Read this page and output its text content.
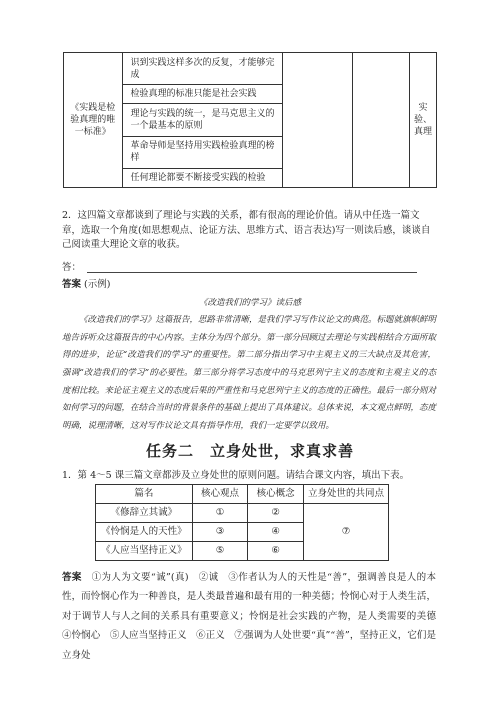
《实践是检验真理的唯一标准》	识到实践这样多次的反复，才能够完成			实验、真理
检验真理的标准只能是社会实践
理论与实践的统一，是马克思主义的一个最基本的原则
革命导师是坚持用实践检验真理的榜样
任何理论都要不断接受实践的检验

2．这四篇文章都谈到了理论与实践的关系，都有很高的理论价值。请从中任选一篇文章，选取一个角度(如思想观点、论证方法、思维方式、语言表达)写一则读后感，谈谈自己阅读重大理论文章的收获。

答：
答案 (示例)
《改造我们的学习》读后感

《改造我们的学习》这篇报告，思路非常清晰，是我们学习写作议论文的典范。标题就旗帜鲜明地告诉听众这篇报告的中心内容。主体分为四个部分。第一部分回顾过去理论与实践相结合方面所取得的进步，论证“改造我们的学习”的重要性。第二部分指出学习中主观主义的三大缺点及其危害，强调“改造我们的学习”的必要性。第三部分将学习态度中的马克思列宁主义的态度和主观主义的态度相比较。来论证主观主义的态度后果的严重性和马克思列宁主义的态度的正确性。最后一部分则对如何学习的问题，在结合当时的背景条件的基础上提出了具体建议。总体来说，本文观点鲜明，态度明确，说理清晰，这对写作议论文具有指导作用，我们一定要学以致用。

任务二　立身处世，求真求善

1．第 4～5 课三篇文章都涉及立身处世的原则问题。请结合课文内容，填出下表。

篇名	核心观点	核心概念	立身处世的共同点
《修辞立其诚》	①	②	⑦
《怜悯是人的天性》	③	④	
《人应当坚持正义》	⑤	⑥	

答案　 ①为人为文要“诚”(真)　②诚　③作者认为人的天性是“善”，强调善良是人的本性，而怜悯心作为一种善良，是人类最普遍和最有用的一种美德；怜悯心对于人类生活，对于调节人与人之间的关系具有重要意义；怜悯是社会实践的产物，是人类需要的美德　④怜悯心　⑤人应当坚持正义　⑥正义　⑦强调为人处世要“真”“善”，坚持正义，它们是立身处
